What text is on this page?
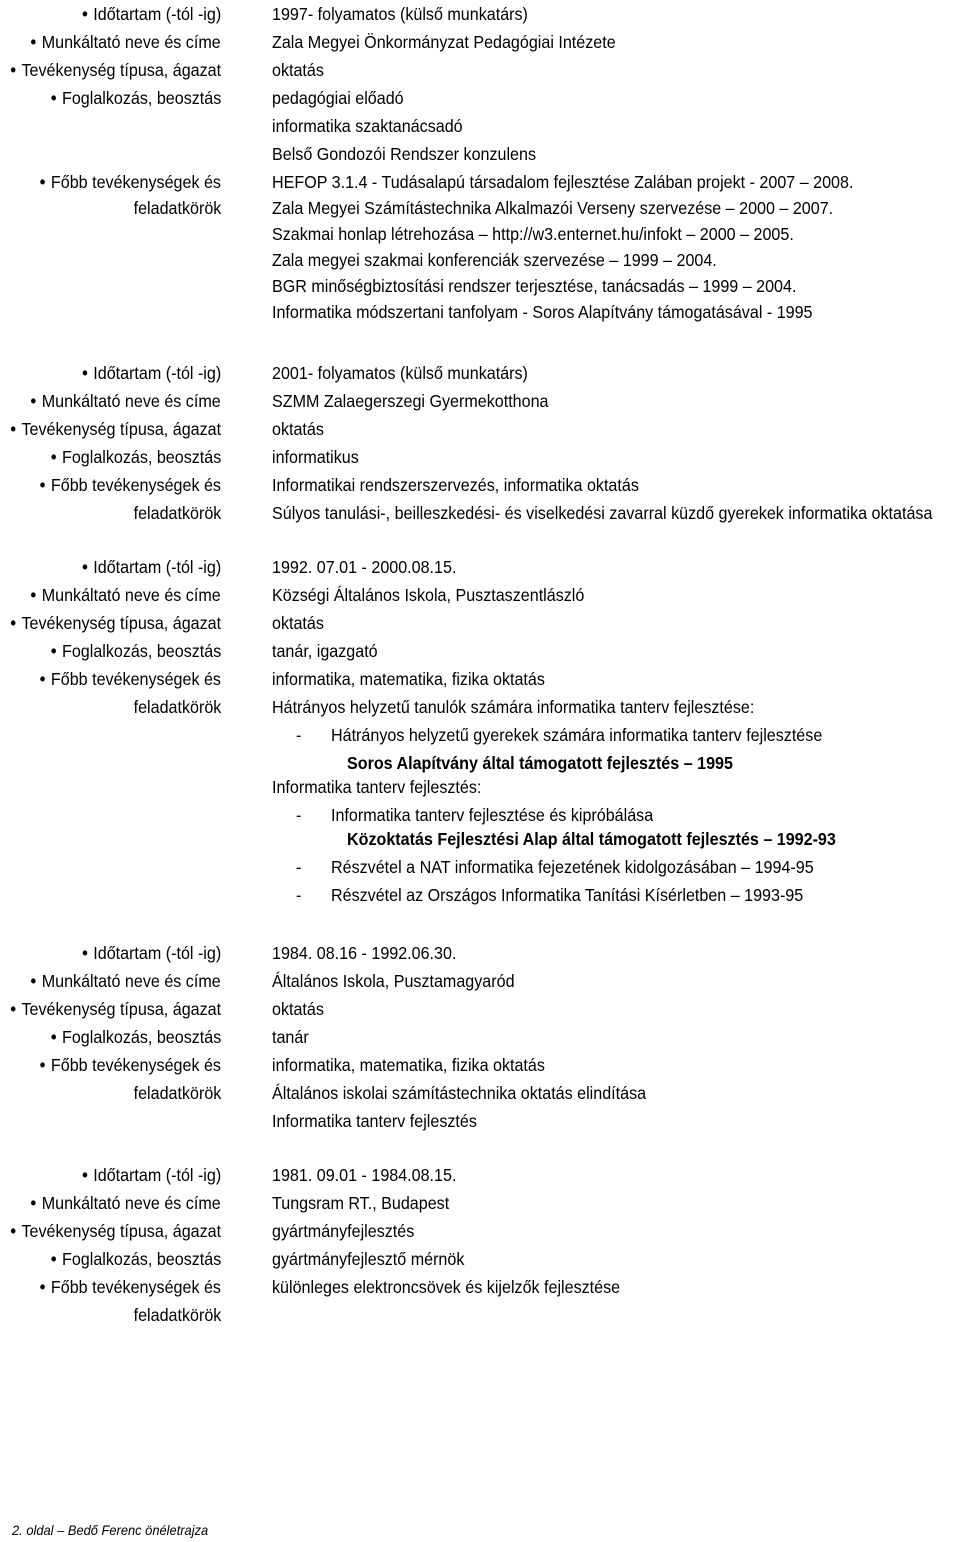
• Időtartam (-tól -ig)	1997- folyamatos (külső munkatárs)
• Munkáltató neve és címe	Zala Megyei Önkormányzat Pedagógiai Intézete
• Tevékenység típusa, ágazat	oktatás
• Foglalkozás, beosztás	pedagógiai előadó
informatika szaktanácsadó
Belső Gondozói Rendszer konzulens
• Főbb tevékenységek és	HEFOP 3.1.4 - Tudásalapú társadalom fejlesztése Zalában projekt - 2007 – 2008.
feladatkörök	Zala Megyei Számítástechnika Alkalmazói Verseny szervezése – 2000 – 2007.
Szakmai honlap létrehozása – http://w3.enternet.hu/infokt – 2000 – 2005.
Zala megyei szakmai konferenciák szervezése – 1999 – 2004.
BGR minőségbiztosítási rendszer terjesztése, tanácsadás – 1999 – 2004.
Informatika módszertani tanfolyam - Soros Alapítvány támogatásával - 1995
• Időtartam (-tól -ig)	2001- folyamatos (külső munkatárs)
• Munkáltató neve és címe	SZMM Zalaegerszegi Gyermekotthona
• Tevékenység típusa, ágazat	oktatás
• Foglalkozás, beosztás	informatikus
• Főbb tevékenységek és	Informatikai rendszerszervezés, informatika oktatás
feladatkörök	Súlyos tanulási-, beilleszkedési- és viselkedési zavarral küzdő gyerekek informatika oktatása
• Időtartam (-tól -ig)	1992. 07.01 - 2000.08.15.
• Munkáltató neve és címe	Községi Általános Iskola, Pusztaszentlászló
• Tevékenység típusa, ágazat	oktatás
• Foglalkozás, beosztás	tanár, igazgató
• Főbb tevékenységek és	informatika, matematika, fizika oktatás
feladatkörök	Hátrányos helyzetű tanulók számára informatika tanterv fejlesztése:
- Hátrányos helyzetű gyerekek számára informatika tanterv fejlesztése
Soros Alapítvány által támogatott fejlesztés – 1995
Informatika tanterv fejlesztés:
- Informatika tanterv fejlesztése és kipróbálása
Közoktatás Fejlesztési Alap által támogatott fejlesztés – 1992-93
- Részvétel a NAT informatika fejezetének kidolgozásában – 1994-95
- Részvétel az Országos Informatika Tanítási Kísérletben – 1993-95
• Időtartam (-tól -ig)	1984. 08.16 - 1992.06.30.
• Munkáltató neve és címe	Általános Iskola, Pusztamagyaród
• Tevékenység típusa, ágazat	oktatás
• Foglalkozás, beosztás	tanár
• Főbb tevékenységek és	informatika, matematika, fizika oktatás
feladatkörök	Általános iskolai számítástechnika oktatás elindítása
Informatika tanterv fejlesztés
• Időtartam (-tól -ig)	1981. 09.01 - 1984.08.15.
• Munkáltató neve és címe	Tungsram RT., Budapest
• Tevékenység típusa, ágazat	gyártmányfejlesztés
• Foglalkozás, beosztás	gyártmányfejlesztő mérnök
• Főbb tevékenységek és	különleges elektroncsövek és kijelzők fejlesztése
feladatkörök
2. oldal – Bedő Ferenc önéletrajza
